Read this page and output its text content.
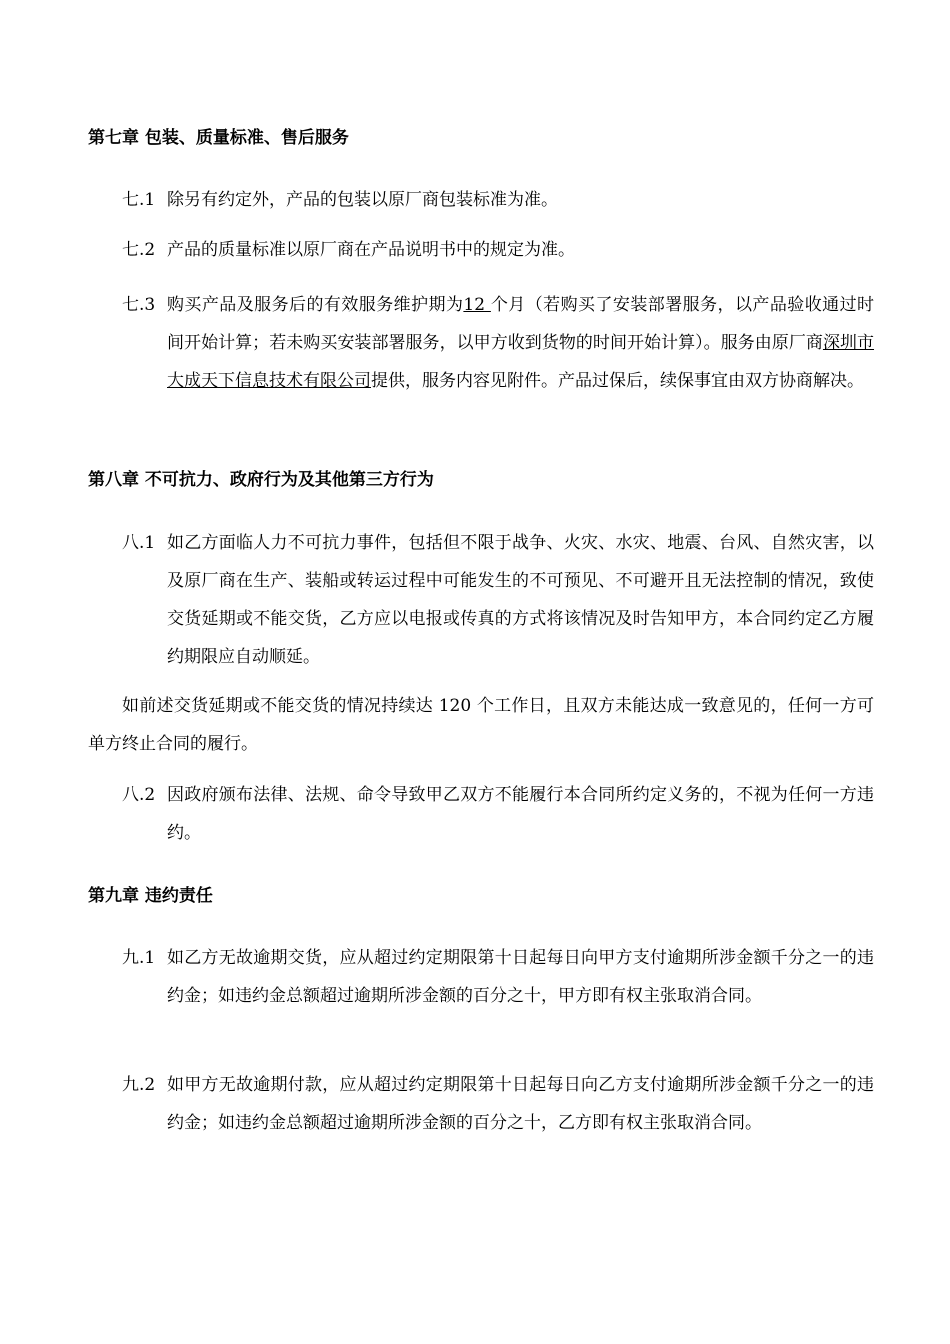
第七章 包装、质量标准、售后服务
七.1 除另有约定外，产品的包装以原厂商包装标准为准。
七.2 产品的质量标准以原厂商在产品说明书中的规定为准。
七.3 购买产品及服务后的有效服务维护期为12 个月（若购买了安装部署服务，以产品验收通过时间开始计算；若未购买安装部署服务，以甲方收到货物的时间开始计算）。服务由原厂商深圳市大成天下信息技术有限公司提供，服务内容见附件。产品过保后，续保事宜由双方协商解决。
第八章 不可抗力、政府行为及其他第三方行为
八.1 如乙方面临人力不可抗力事件，包括但不限于战争、火灾、水灾、地震、台风、自然灾害，以及原厂商在生产、装船或转运过程中可能发生的不可预见、不可避开且无法控制的情况，致使交货延期或不能交货，乙方应以电报或传真的方式将该情况及时告知甲方，本合同约定乙方履约期限应自动顺延。
如前述交货延期或不能交货的情况持续达 120 个工作日，且双方未能达成一致意见的，任何一方可单方终止合同的履行。
八.2 因政府颁布法律、法规、命令导致甲乙双方不能履行本合同所约定义务的，不视为任何一方违约。
第九章 违约责任
九.1 如乙方无故逾期交货，应从超过约定期限第十日起每日向甲方支付逾期所涉金额千分之一的违约金；如违约金总额超过逾期所涉金额的百分之十，甲方即有权主张取消合同。
九.2 如甲方无故逾期付款，应从超过约定期限第十日起每日向乙方支付逾期所涉金额千分之一的违约金；如违约金总额超过逾期所涉金额的百分之十，乙方即有权主张取消合同。
